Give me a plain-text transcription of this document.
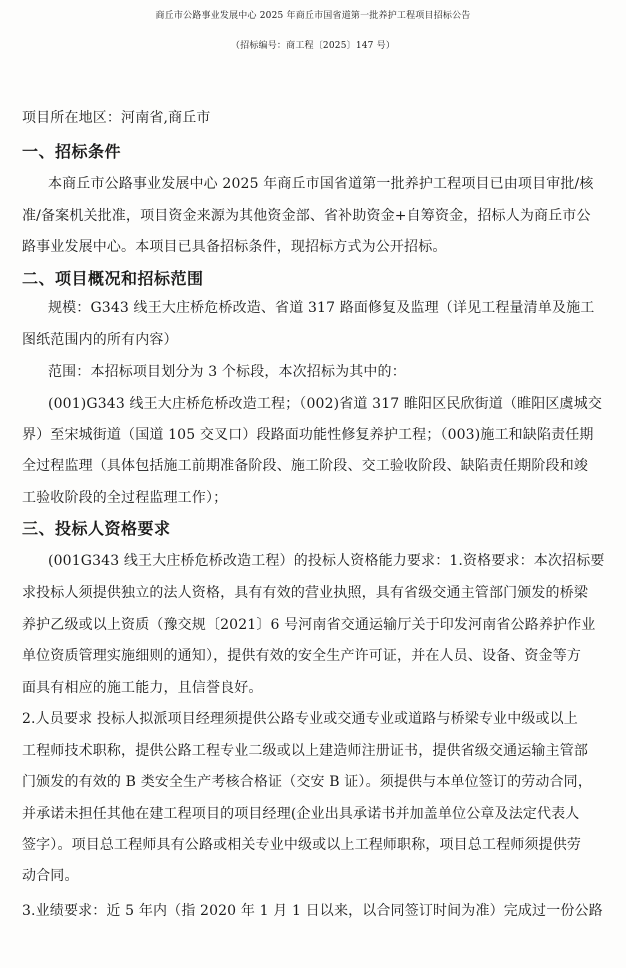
商丘市公路事业发展中心 2025 年商丘市国省道第一批养护工程项目招标公告
（招标编号：商工程〔2025〕147 号）
项目所在地区：河南省,商丘市
一、招标条件
本商丘市公路事业发展中心 2025 年商丘市国省道第一批养护工程项目已由项目审批/核
准/备案机关批准，项目资金来源为其他资金部、省补助资金+自筹资金，招标人为商丘市公
路事业发展中心。本项目已具备招标条件，现招标方式为公开招标。
二、项目概况和招标范围
规模：G343 线王大庄桥危桥改造、省道 317 路面修复及监理（详见工程量清单及施工
图纸范围内的所有内容）
范围：本招标项目划分为 3 个标段，本次招标为其中的：
(001)G343 线王大庄桥危桥改造工程；（002)省道 317 睢阳区民欣街道（睢阳区虞城交
界）至宋城街道（国道 105 交叉口）段路面功能性修复养护工程；（003)施工和缺陷责任期
全过程监理（具体包括施工前期准备阶段、施工阶段、交工验收阶段、缺陷责任期阶段和竣
工验收阶段的全过程监理工作）；
三、投标人资格要求
(001G343 线王大庄桥危桥改造工程）的投标人资格能力要求：1.资格要求：本次招标要
求投标人须提供独立的法人资格，具有有效的营业执照，具有省级交通主管部门颁发的桥梁
养护乙级或以上资质（豫交规〔2021〕6 号河南省交通运输厅关于印发河南省公路养护作业
单位资质管理实施细则的通知），提供有效的安全生产许可证，并在人员、设备、资金等方
面具有相应的施工能力，且信誉良好。
2.人员要求 投标人拟派项目经理须提供公路专业或交通专业或道路与桥梁专业中级或以上
工程师技术职称，提供公路工程专业二级或以上建造师注册证书，提供省级交通运输主管部
门颁发的有效的 B 类安全生产考核合格证（交安 B 证）。须提供与本单位签订的劳动合同，
并承诺未担任其他在建工程项目的项目经理(企业出具承诺书并加盖单位公章及法定代表人
签字）。项目总工程师具有公路或相关专业中级或以上工程师职称，项目总工程师须提供劳
动合同。
3.业绩要求：近 5 年内（指 2020 年 1 月 1 日以来，以合同签订时间为准）完成过一份公路
